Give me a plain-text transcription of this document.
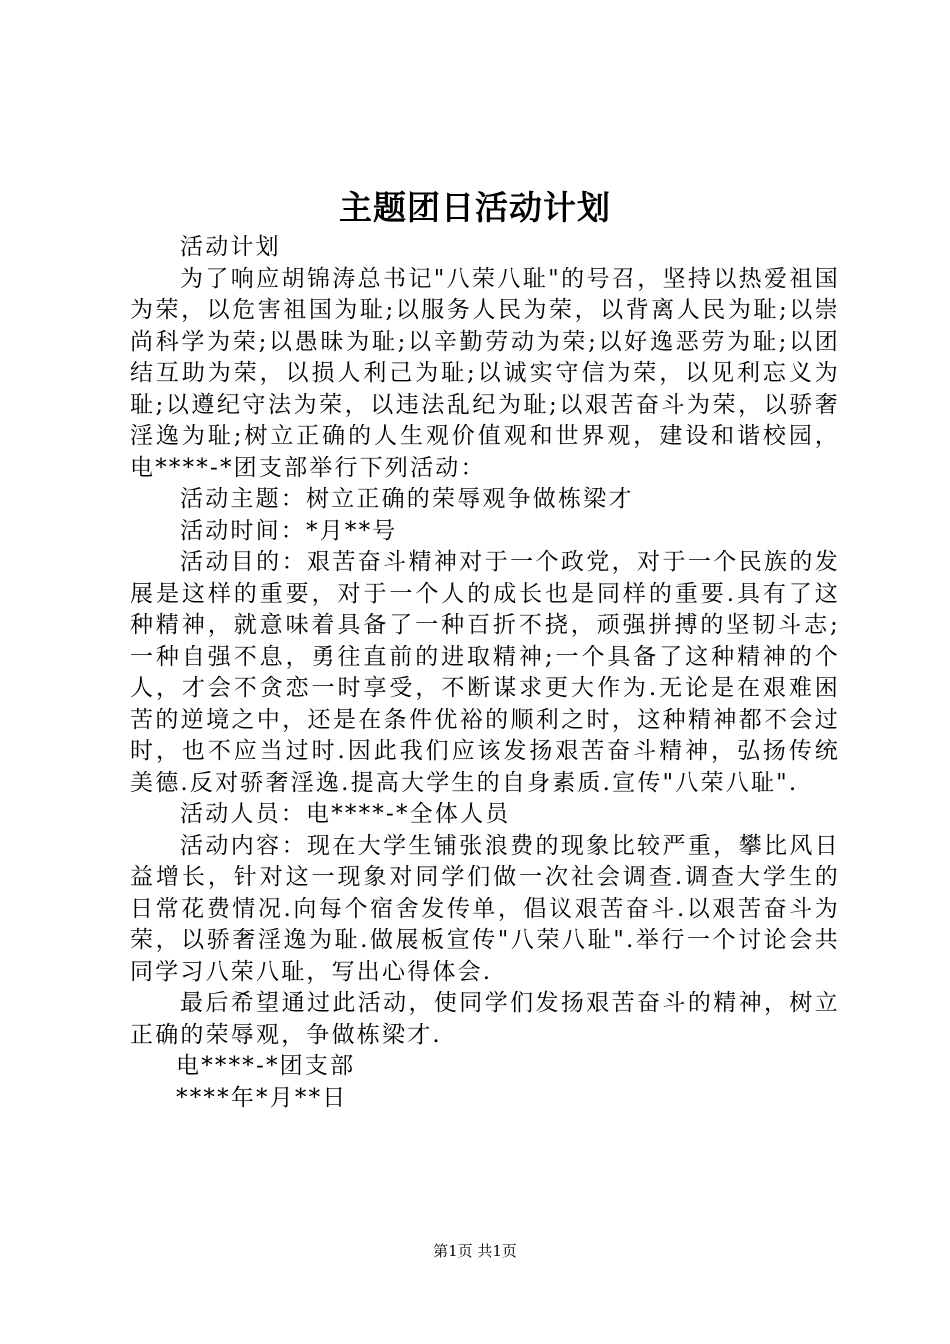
主题团日活动计划

活动计划

为了响应胡锦涛总书记"八荣八耻"的号召，坚持以热爱祖国为荣，以危害祖国为耻;以服务人民为荣，以背离人民为耻;以崇尚科学为荣;以愚昧为耻;以辛勤劳动为荣;以好逸恶劳为耻;以团结互助为荣，以损人利己为耻;以诚实守信为荣，以见利忘义为耻;以遵纪守法为荣，以违法乱纪为耻;以艰苦奋斗为荣，以骄奢淫逸为耻;树立正确的人生观价值观和世界观，建设和谐校园，电****-*团支部举行下列活动：

活动主题：树立正确的荣辱观争做栋梁才

活动时间：*月**号

活动目的：艰苦奋斗精神对于一个政党，对于一个民族的发展是这样的重要，对于一个人的成长也是同样的重要.具有了这种精神，就意味着具备了一种百折不挠，顽强拼搏的坚韧斗志;一种自强不息，勇往直前的进取精神;一个具备了这种精神的个人，才会不贪恋一时享受，不断谋求更大作为.无论是在艰难困苦的逆境之中，还是在条件优裕的顺利之时，这种精神都不会过时，也不应当过时.因此我们应该发扬艰苦奋斗精神，弘扬传统美德.反对骄奢淫逸.提高大学生的自身素质.宣传"八荣八耻".

活动人员：电****-*全体人员

活动内容：现在大学生铺张浪费的现象比较严重，攀比风日益增长，针对这一现象对同学们做一次社会调查.调查大学生的日常花费情况.向每个宿舍发传单，倡议艰苦奋斗.以艰苦奋斗为荣，以骄奢淫逸为耻.做展板宣传"八荣八耻".举行一个讨论会共同学习八荣八耻，写出心得体会.

最后希望通过此活动，使同学们发扬艰苦奋斗的精神，树立正确的荣辱观，争做栋梁才.

电****-*团支部

****年*月**日

第1页 共1页
